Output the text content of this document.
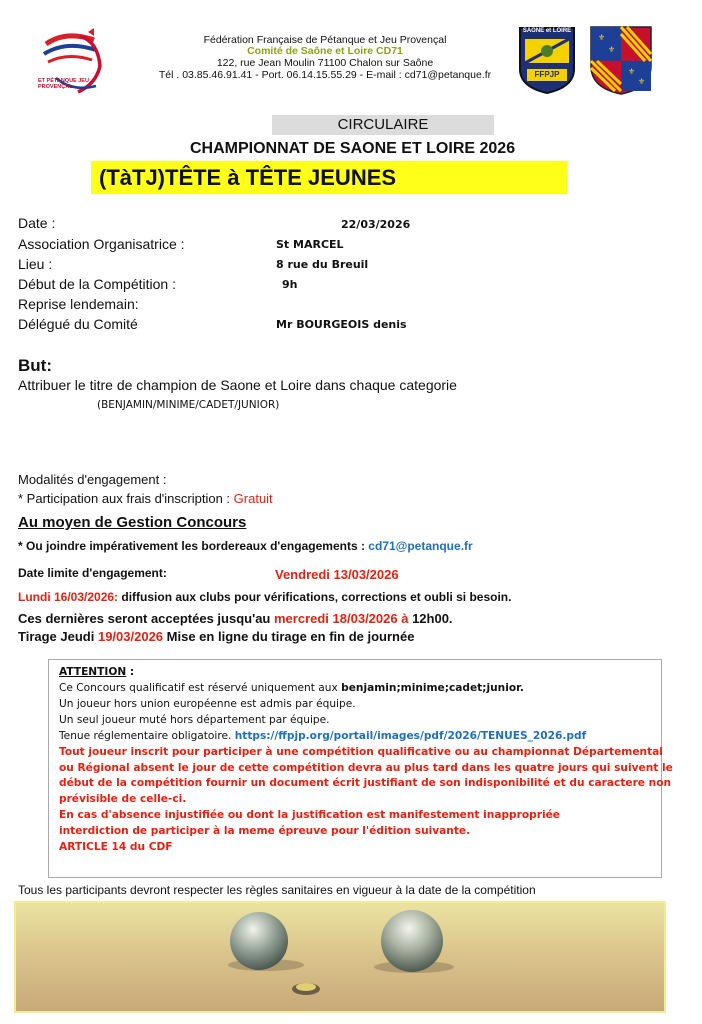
ET PÉTANQUE JEU PROVENÇAL
Fédération Française de Pétanque et Jeu Provençal
Comité de Saône et Loire CD71
122, rue Jean Moulin 71100 Chalon sur Saône
Tél . 03.85.46.91.41 - Port. 06.14.15.55.29 - E-mail : cd71@petanque.fr
SAONE et LOIRE
FFPJP
⚜
⚜
⚜
⚜
CIRCULAIRE
CHAMPIONNAT DE SAONE ET LOIRE 2026
(TàTJ)TÊTE à TÊTE JEUNES
Date :	22/03/2026
Association Organisatrice :	St MARCEL
Lieu :	8 rue du Breuil
Début de la Compétition :	9h
Reprise lendemain:
Délégué du Comité	Mr BOURGEOIS denis
But:
Attribuer le titre de champion de Saone et Loire dans chaque categorie
(BENJAMIN/MINIME/CADET/JUNIOR)
Modalités d'engagement :
* Participation aux frais d'inscription : Gratuit
Au moyen de Gestion Concours
* Ou joindre impérativement les bordereaux d'engagements : cd71@petanque.fr
Date limite d'engagement:	Vendredi 13/03/2026
Lundi 16/03/2026: diffusion aux clubs pour vérifications, corrections et oubli si besoin.
Ces dernières seront acceptées jusqu'au mercredi 18/03/2026 à 12h00.
Tirage Jeudi 19/03/2026 Mise en ligne du tirage en fin de journée
ATTENTION :
Ce Concours qualificatif est réservé uniquement aux benjamin;minime;cadet;junior.
Un joueur hors union européenne est admis par équipe.
Un seul joueur muté hors département par équipe.
Tenue réglementaire obligatoire. https://ffpjp.org/portail/images/pdf/2026/TENUES_2026.pdf
Tout joueur inscrit pour participer à une compétition qualificative ou au championnat Départemental
ou Régional absent le jour de cette compétition devra au plus tard dans les quatre jours qui suivent le
début de la compétition fournir un document écrit justifiant de son indisponibilité et du caractere non
prévisible de celle-ci.
En cas d'absence injustifiée ou dont la justification est manifestement inappropriée
interdiction de participer à la meme épreuve pour l'édition suivante.
ARTICLE 14 du CDF
Tous les participants devront respecter les règles sanitaires en vigueur à la date de la compétition
